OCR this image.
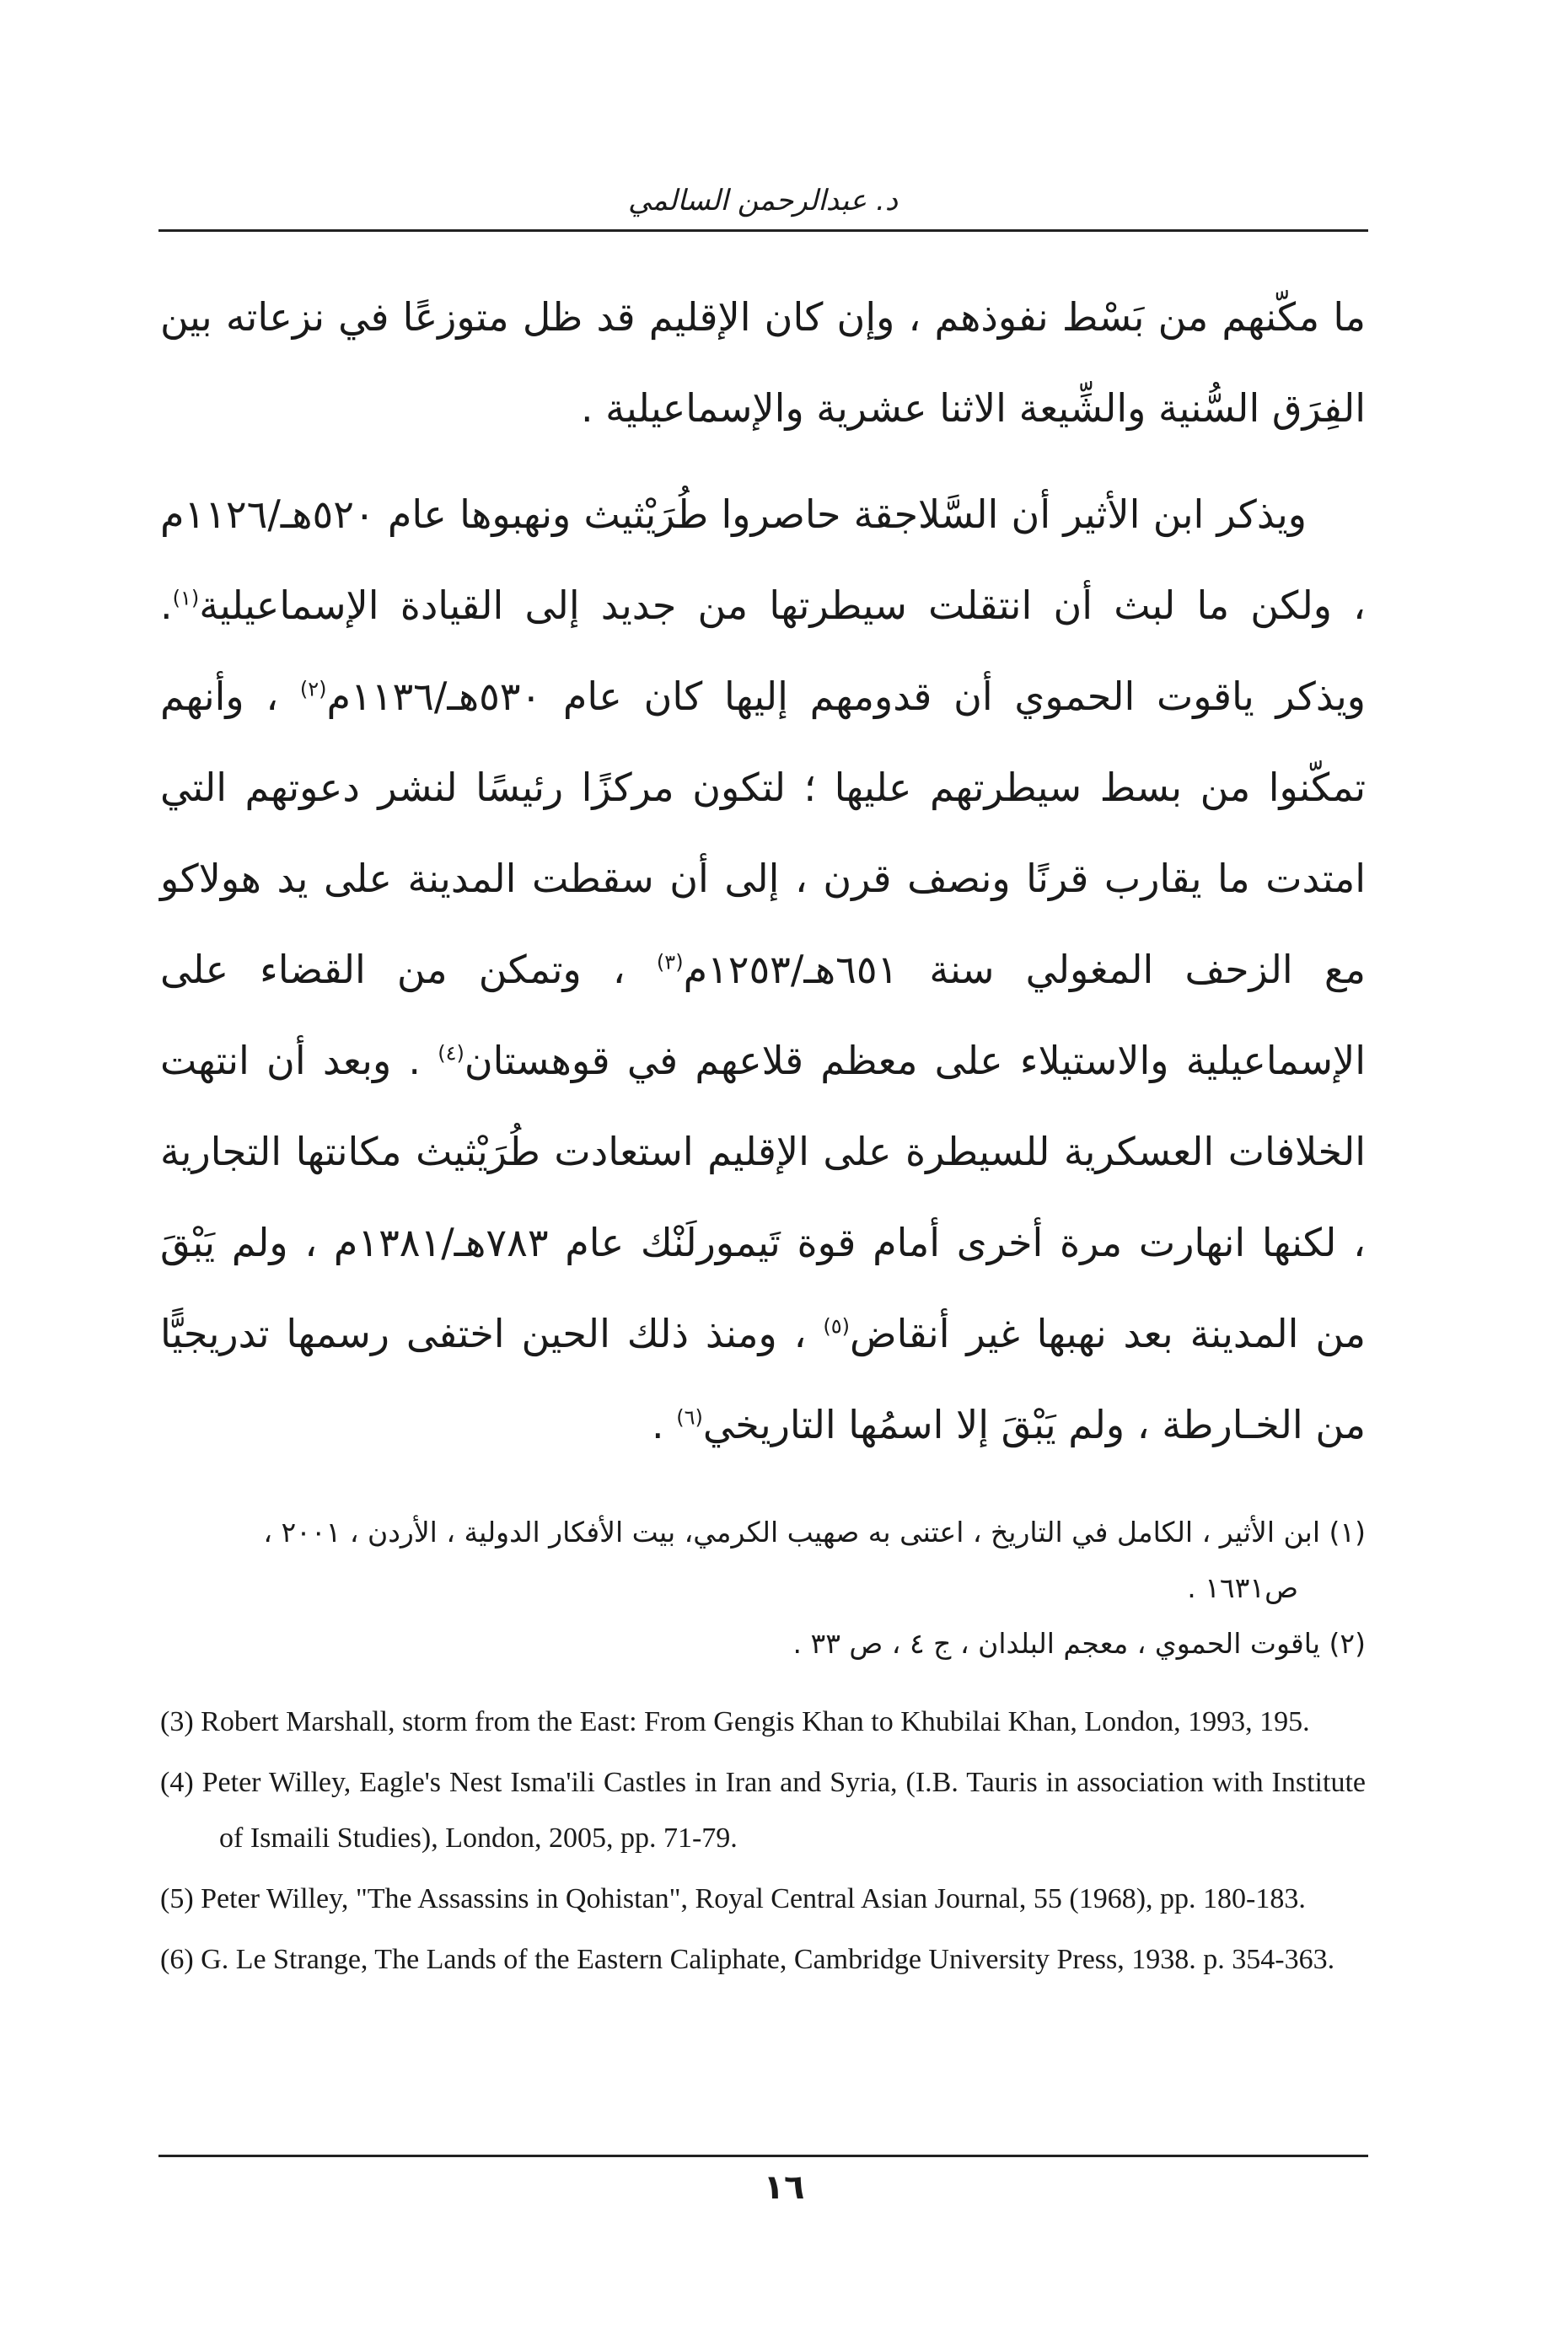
د. عبدالرحمن السالمي

ما مكّنهم من بَسْط نفوذهم ، وإن كان الإقليم قد ظل متوزعًا في نزعاته بين الفِرَق السُّنية والشِّيعة الاثنا عشرية والإسماعيلية .

ويذكر ابن الأثير أن السَّلاجقة حاصروا طُرَيْثيث ونهبوها عام ٥٢٠هـ/١١٢٦م ، ولكن ما لبث أن انتقلت سيطرتها من جديد إلى القيادة الإسماعيلية$^{(١)}$. ويذكر ياقوت الحموي أن قدومهم إليها كان عام ٥٣٠هـ/١١٣٦م$^{(٢)}$ ، وأنهم تمكّنوا من بسط سيطرتهم عليها ؛ لتكون مركزًا رئيسًا لنشر دعوتهم التي امتدت ما يقارب قرنًا ونصف قرن ، إلى أن سقطت المدينة على يد هولاكو مع الزحف المغولي سنة ٦٥١هـ/١٢٥٣م$^{(٣)}$ ، وتمكن من القضاء على الإسماعيلية والاستيلاء على معظم قلاعهم في قوهستان$^{(٤)}$ . وبعد أن انتهت الخلافات العسكرية للسيطرة على الإقليم استعادت طُرَيْثيث مكانتها التجارية ، لكنها انهارت مرة أخرى أمام قوة تَيمورلَنْك عام ٧٨٣هـ/١٣٨١م ، ولم يَبْقَ من المدينة بعد نهبها غير أنقاض$^{(٥)}$ ، ومنذ ذلك الحين اختفى رسمها تدريجيًّا من الخـارطة ، ولم يَبْقَ إلا اسمُها التاريخي$^{(٦)}$ .

(١) ابن الأثير ، الكامل في التاريخ ، اعتنى به صهيب الكرمي، بيت الأفكار الدولية ، الأردن ، ٢٠٠١ ،

ص١٦٣١ .

(٢) ياقوت الحموي ، معجم البلدان ، ج ٤ ، ص ٣٣ .

(3) Robert Marshall, storm from the East: From Gengis Khan to Khubilai Khan, London, 1993, 195.

(4) Peter Willey, Eagle's Nest Isma'ili Castles in Iran and Syria, (I.B. Tauris in association with Institute of Ismaili Studies), London, 2005, pp. 71-79.

(5) Peter Willey, "The Assassins in Qohistan", Royal Central Asian Journal, 55 (1968), pp. 180-183.

(6) G. Le Strange, The Lands of the Eastern Caliphate, Cambridge University Press, 1938. p. 354-363.

١٦
